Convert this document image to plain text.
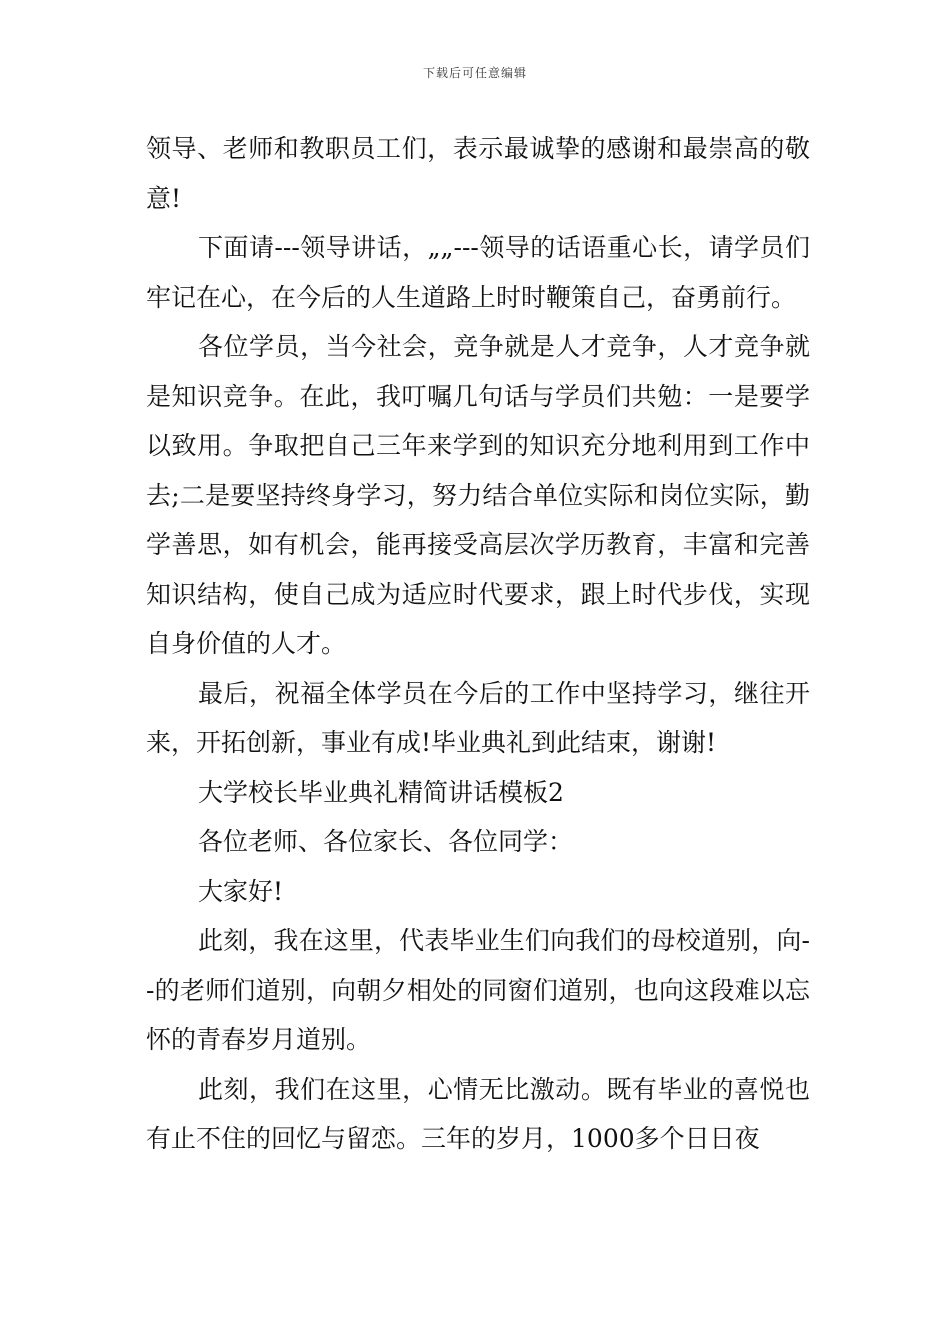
下载后可任意编辑

领导、老师和教职员工们，表示最诚挚的感谢和最崇高的敬意!

下面请---领导讲话，„„---领导的话语重心长，请学员们牢记在心，在今后的人生道路上时时鞭策自己，奋勇前行。

各位学员，当今社会，竞争就是人才竞争，人才竞争就是知识竞争。在此，我叮嘱几句话与学员们共勉：一是要学以致用。争取把自己三年来学到的知识充分地利用到工作中去;二是要坚持终身学习，努力结合单位实际和岗位实际，勤学善思，如有机会，能再接受高层次学历教育，丰富和完善知识结构，使自己成为适应时代要求，跟上时代步伐，实现自身价值的人才。

最后，祝福全体学员在今后的工作中坚持学习，继往开来，开拓创新，事业有成!毕业典礼到此结束，谢谢!

大学校长毕业典礼精简讲话模板2

各位老师、各位家长、各位同学：

大家好!

此刻，我在这里，代表毕业生们向我们的母校道别，向--的老师们道别，向朝夕相处的同窗们道别，也向这段难以忘怀的青春岁月道别。

此刻，我们在这里，心情无比激动。既有毕业的喜悦也有止不住的回忆与留恋。三年的岁月，1000多个日日夜
